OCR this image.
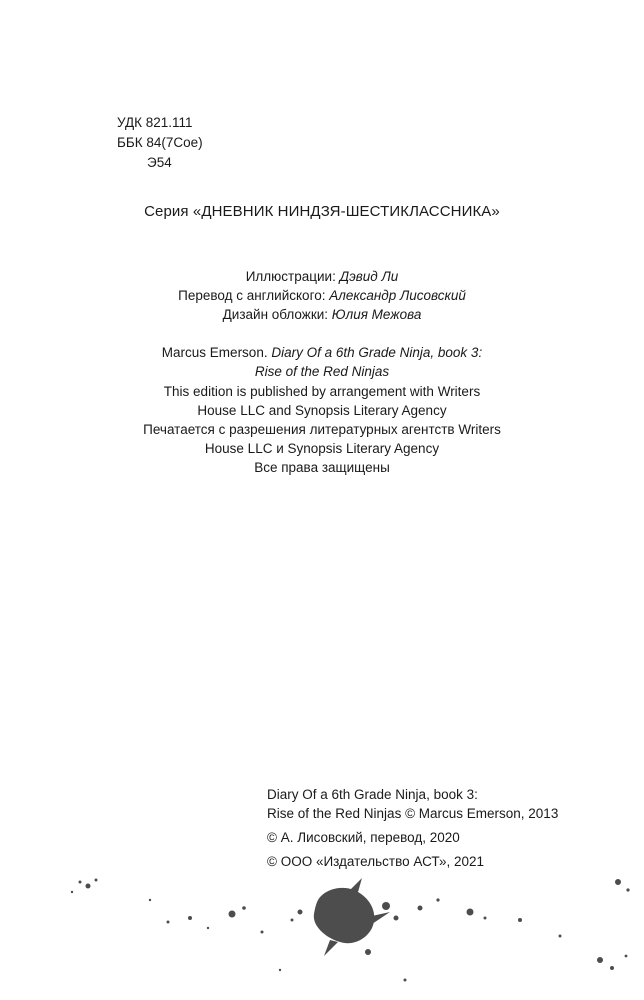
УДК 821.111
ББК 84(7Сое)
Э54
Серия «ДНЕВНИК НИНДЗЯ-ШЕСТИКЛАССНИКА»
Иллюстрации: Дэвид Ли
Перевод с английского: Александр Лисовский
Дизайн обложки: Юлия Межова
Marcus Emerson. Diary Of a 6th Grade Ninja, book 3:
Rise of the Red Ninjas
This edition is published by arrangement with Writers
House LLC and Synopsis Literary Agency
Печатается с разрешения литературных агентств Writers
House LLC и Synopsis Literary Agency
Все права защищены
Diary Of a 6th Grade Ninja, book 3:
Rise of the Red Ninjas © Marcus Emerson, 2013
© А. Лисовский, перевод, 2020
© ООО «Издательство АСТ», 2021
